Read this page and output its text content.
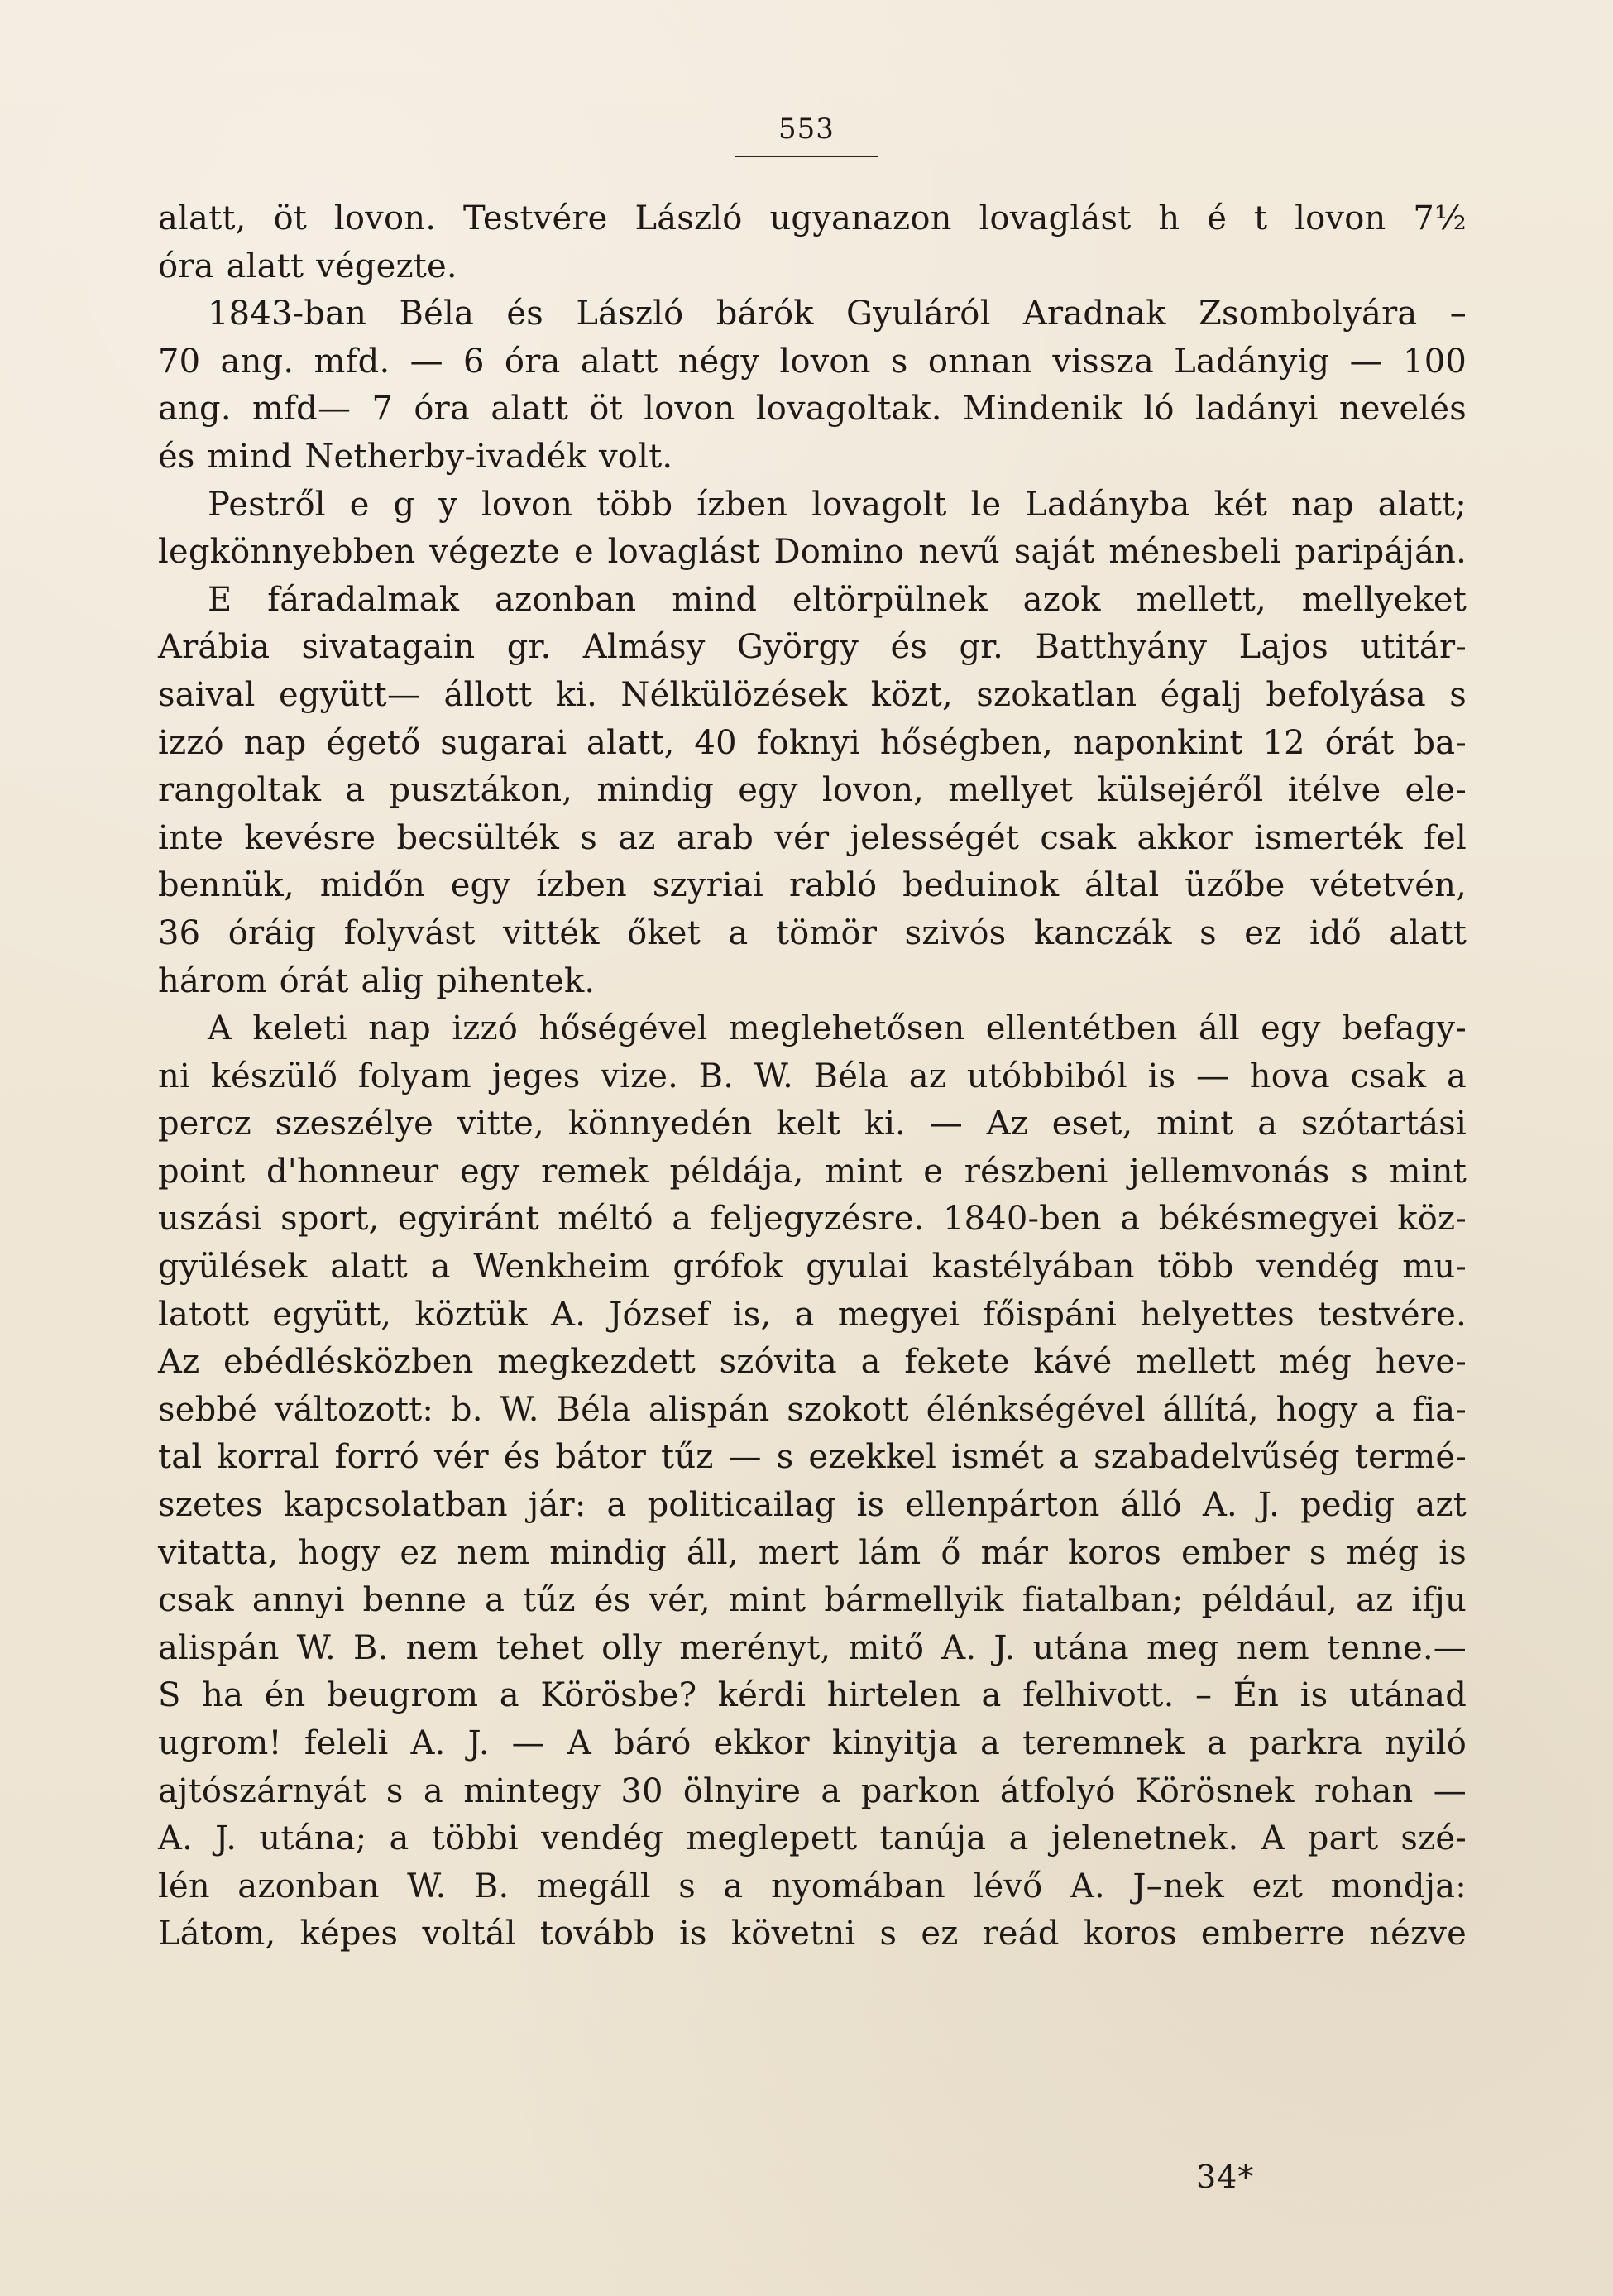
553
alatt, öt lovon. Testvére László ugyanazon lovaglást h é t lovon 7½
óra alatt végezte.
1843-ban Béla és László bárók Gyuláról Aradnak Zsombolyára –
70 ang. mfd. — 6 óra alatt négy lovon s onnan vissza Ladányig — 100
ang. mfd— 7 óra alatt öt lovon lovagoltak. Mindenik ló ladányi nevelés
és mind Netherby-ivadék volt.
Pestről e g y lovon több ízben lovagolt le Ladányba két nap alatt;
legkönnyebben végezte e lovaglást Domino nevű saját ménesbeli paripáján.
E fáradalmak azonban mind eltörpülnek azok mellett, mellyeket
Arábia sivatagain gr. Almásy György és gr. Batthyány Lajos utitár-
saival együtt— állott ki. Nélkülözések közt, szokatlan égalj befolyása s
izzó nap égető sugarai alatt, 40 foknyi hőségben, naponkint 12 órát ba-
rangoltak a pusztákon, mindig egy lovon, mellyet külsejéről itélve ele-
inte kevésre becsülték s az arab vér jelességét csak akkor ismerték fel
bennük, midőn egy ízben szyriai rabló beduinok által üzőbe vétetvén,
36 óráig folyvást vitték őket a tömör szivós kanczák s ez idő alatt
három órát alig pihentek.
A keleti nap izzó hőségével meglehetősen ellentétben áll egy befagy-
ni készülő folyam jeges vize. B. W. Béla az utóbbiból is — hova csak a
percz szeszélye vitte, könnyedén kelt ki. — Az eset, mint a szótartási
point d'honneur egy remek példája, mint e részbeni jellemvonás s mint
uszási sport, egyiránt méltó a feljegyzésre. 1840-ben a békésmegyei köz-
gyülések alatt a Wenkheim grófok gyulai kastélyában több vendég mu-
latott együtt, köztük A. József is, a megyei főispáni helyettes testvére.
Az ebédlésközben megkezdett szóvita a fekete kávé mellett még heve-
sebbé változott: b. W. Béla alispán szokott élénkségével állítá, hogy a fia-
tal korral forró vér és bátor tűz — s ezekkel ismét a szabadelvűség termé-
szetes kapcsolatban jár: a politicailag is ellenpárton álló A. J. pedig azt
vitatta, hogy ez nem mindig áll, mert lám ő már koros ember s még is
csak annyi benne a tűz és vér, mint bármellyik fiatalban; például, az ifju
alispán W. B. nem tehet olly merényt, mitő A. J. utána meg nem tenne.—
S ha én beugrom a Körösbe? kérdi hirtelen a felhivott. – Én is utánad
ugrom! feleli A. J. — A báró ekkor kinyitja a teremnek a parkra nyiló
ajtószárnyát s a mintegy 30 ölnyire a parkon átfolyó Körösnek rohan —
A. J. utána; a többi vendég meglepett tanúja a jelenetnek. A part szé-
lén azonban W. B. megáll s a nyomában lévő A. J–nek ezt mondja:
Látom, képes voltál tovább is követni s ez reád koros emberre nézve
34*
